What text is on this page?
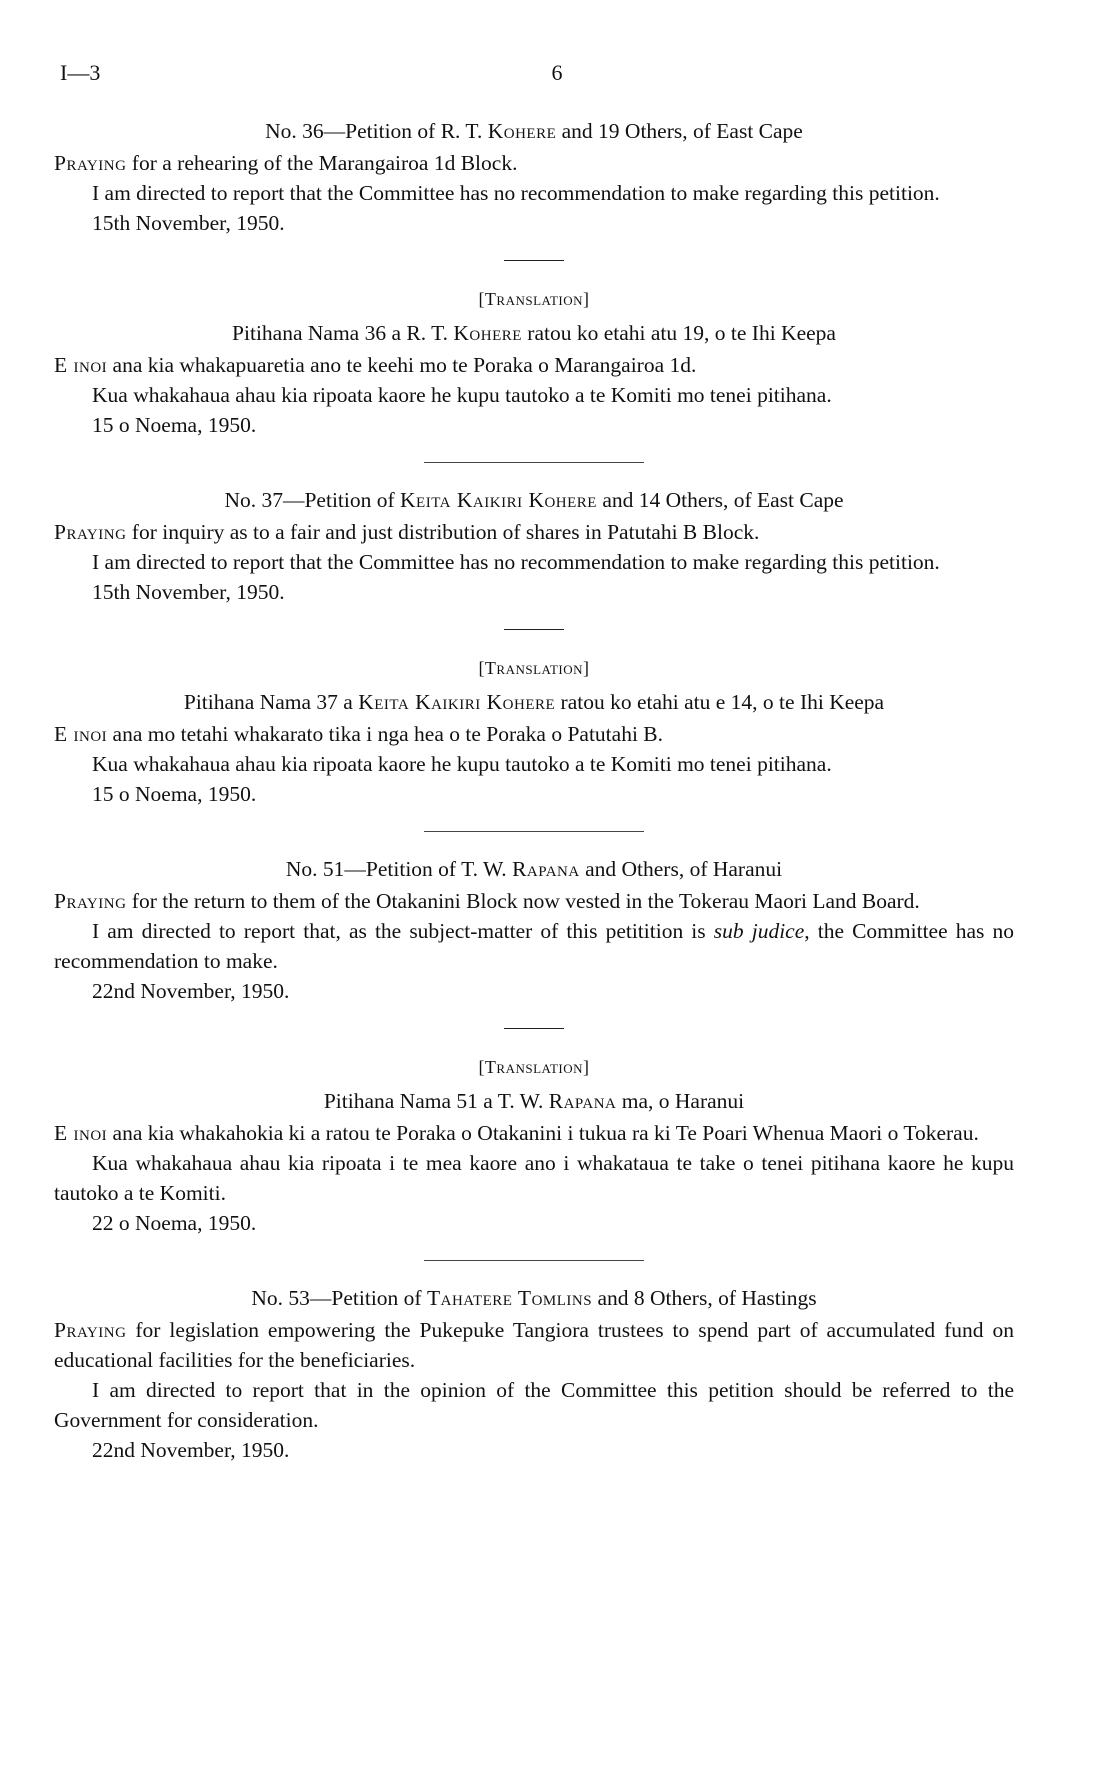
I—3	6

No. 36—Petition of R. T. Kohere and 19 Others, of East Cape

Praying for a rehearing of the Marangairoa 1d Block.

I am directed to report that the Committee has no recommendation to make regarding this petition.

15th November, 1950.

[Translation]

Pitihana Nama 36 a R. T. Kohere ratou ko etahi atu 19, o te Ihi Keepa

E inoi ana kia whakapuaretia ano te keehi mo te Poraka o Marangairoa 1d.

Kua whakahaua ahau kia ripoata kaore he kupu tautoko a te Komiti mo tenei pitihana.

15 o Noema, 1950.

No. 37—Petition of Keita Kaikiri Kohere and 14 Others, of East Cape

Praying for inquiry as to a fair and just distribution of shares in Patutahi B Block.

I am directed to report that the Committee has no recommendation to make regarding this petition.

15th November, 1950.

[Translation]

Pitihana Nama 37 a Keita Kaikiri Kohere ratou ko etahi atu e 14, o te Ihi Keepa

E inoi ana mo tetahi whakarato tika i nga hea o te Poraka o Patutahi B.

Kua whakahaua ahau kia ripoata kaore he kupu tautoko a te Komiti mo tenei pitihana.

15 o Noema, 1950.

No. 51—Petition of T. W. Rapana and Others, of Haranui

Praying for the return to them of the Otakanini Block now vested in the Tokerau Maori Land Board.

I am directed to report that, as the subject-matter of this petitition is sub judice, the Committee has no recommendation to make.

22nd November, 1950.

[Translation]

Pitihana Nama 51 a T. W. Rapana ma, o Haranui

E inoi ana kia whakahokia ki a ratou te Poraka o Otakanini i tukua ra ki Te Poari Whenua Maori o Tokerau.

Kua whakahaua ahau kia ripoata i te mea kaore ano i whakataua te take o tenei pitihana kaore he kupu tautoko a te Komiti.

22 o Noema, 1950.

No. 53—Petition of Tahatere Tomlins and 8 Others, of Hastings

Praying for legislation empowering the Pukepuke Tangiora trustees to spend part of accumulated fund on educational facilities for the beneficiaries.

I am directed to report that in the opinion of the Committee this petition should be referred to the Government for consideration.

22nd November, 1950.
